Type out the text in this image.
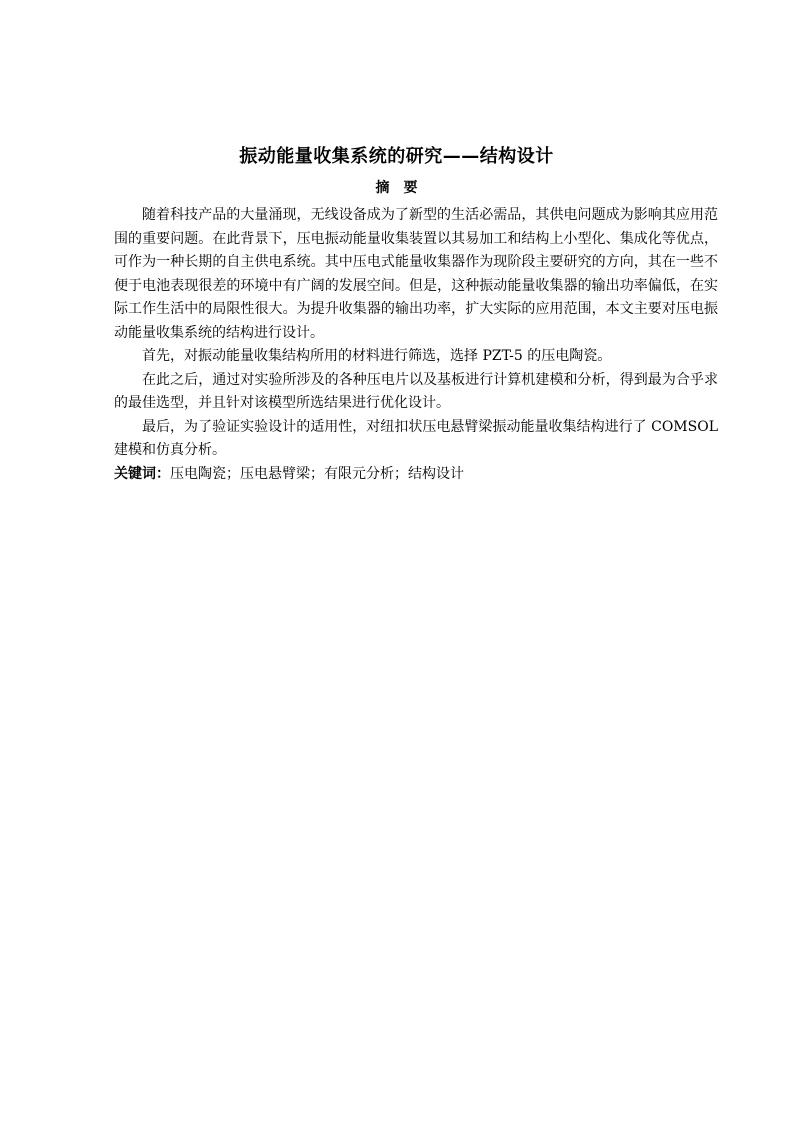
振动能量收集系统的研究——结构设计
摘要

随着科技产品的大量涌现，无线设备成为了新型的生活必需品，其供电问题成为影响其应用范围的重要问题。在此背景下，压电振动能量收集装置以其易加工和结构上小型化、集成化等优点，可作为一种长期的自主供电系统。其中压电式能量收集器作为现阶段主要研究的方向，其在一些不便于电池表现很差的环境中有广阔的发展空间。但是，这种振动能量收集器的输出功率偏低，在实际工作生活中的局限性很大。为提升收集器的输出功率，扩大实际的应用范围，本文主要对压电振动能量收集系统的结构进行设计。

首先，对振动能量收集结构所用的材料进行筛选，选择 PZT-5 的压电陶瓷。

在此之后，通过对实验所涉及的各种压电片以及基板进行计算机建模和分析，得到最为合乎求的最佳选型，并且针对该模型所选结果进行优化设计。

最后，为了验证实验设计的适用性，对纽扣状压电悬臂梁振动能量收集结构进行了 COMSOL 建模和仿真分析。

关键词：压电陶瓷；压电悬臂梁；有限元分析；结构设计
